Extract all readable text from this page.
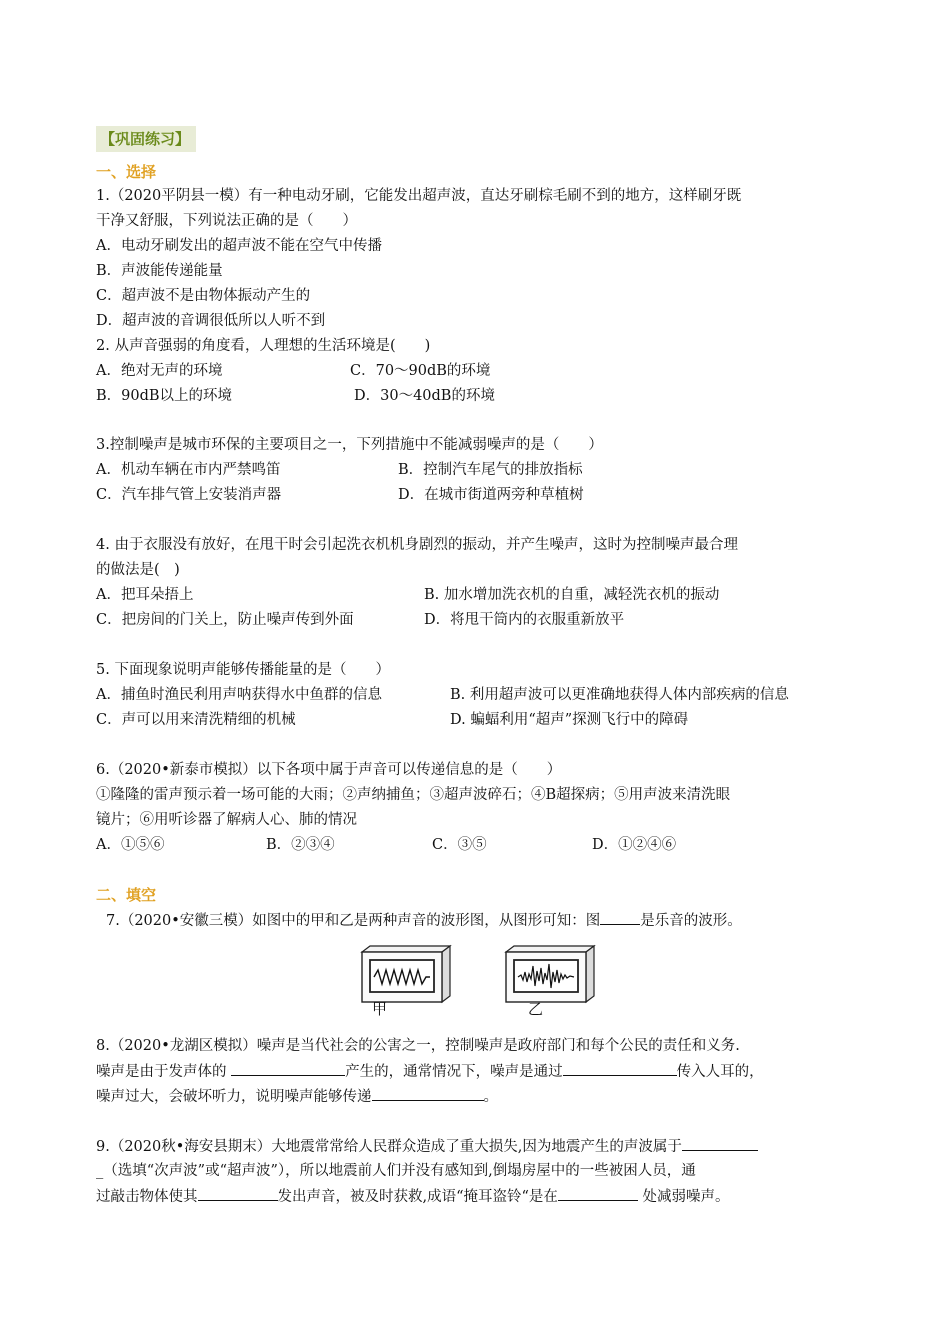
【巩固练习】
一、选择
1.（2020平阴县一模）有一种电动牙刷，它能发出超声波，直达牙刷棕毛刷不到的地方，这样刷牙既
干净又舒服，下列说法正确的是（　　）
A．电动牙刷发出的超声波不能在空气中传播
B．声波能传递能量
C．超声波不是由物体振动产生的
D．超声波的音调很低所以人听不到
2. 从声音强弱的角度看，人理想的生活环境是(　　)
A．绝对无声的环境	C．70～90dB的环境
B．90dB以上的环境	D．30～40dB的环境
3.控制噪声是城市环保的主要项目之一，下列措施中不能减弱噪声的是（　　）
A．机动车辆在市内严禁鸣笛	B．控制汽车尾气的排放指标
C．汽车排气管上安装消声器	D．在城市街道两旁种草植树
4. 由于衣服没有放好，在甩干时会引起洗衣机机身剧烈的振动，并产生噪声，这时为控制噪声最合理
的做法是(　)
A．把耳朵捂上	B. 加水增加洗衣机的自重，减轻洗衣机的振动
C．把房间的门关上，防止噪声传到外面	D．将甩干筒内的衣服重新放平
5. 下面现象说明声能够传播能量的是（　　）
A．捕鱼时渔民利用声呐获得水中鱼群的信息	B. 利用超声波可以更准确地获得人体内部疾病的信息
C．声可以用来清洗精细的机械	D. 蝙蝠利用“超声”探测飞行中的障碍
6.（2020•新泰市模拟）以下各项中属于声音可以传递信息的是（　　）
①隆隆的雷声预示着一场可能的大雨；②声纳捕鱼；③超声波碎石；④B超探病；⑤用声波来清洗眼
镜片；⑥用听诊器了解病人心、肺的情况
A．①⑤⑥	B．②③④	C．③⑤	D．①②④⑥
二、填空
7.（2020•安徽三模）如图中的甲和乙是两种声音的波形图，从图形可知：图	是乐音的波形。
甲	乙
8.（2020•龙湖区模拟）噪声是当代社会的公害之一，控制噪声是政府部门和每个公民的责任和义务.
噪声是由于发声体的	产生的，通常情况下，噪声是通过	传入人耳的，
噪声过大，会破坏听力，说明噪声能够传递	。
9.（2020秋•海安县期末）大地震常常给人民群众造成了重大损失,因为地震产生的声波属于
_（选填“次声波”或“超声波”），所以地震前人们并没有感知到,倒塌房屋中的一些被困人员，通
过敲击物体使其	发出声音，被及时获救,成语“掩耳盗铃“是在	处减弱噪声。
